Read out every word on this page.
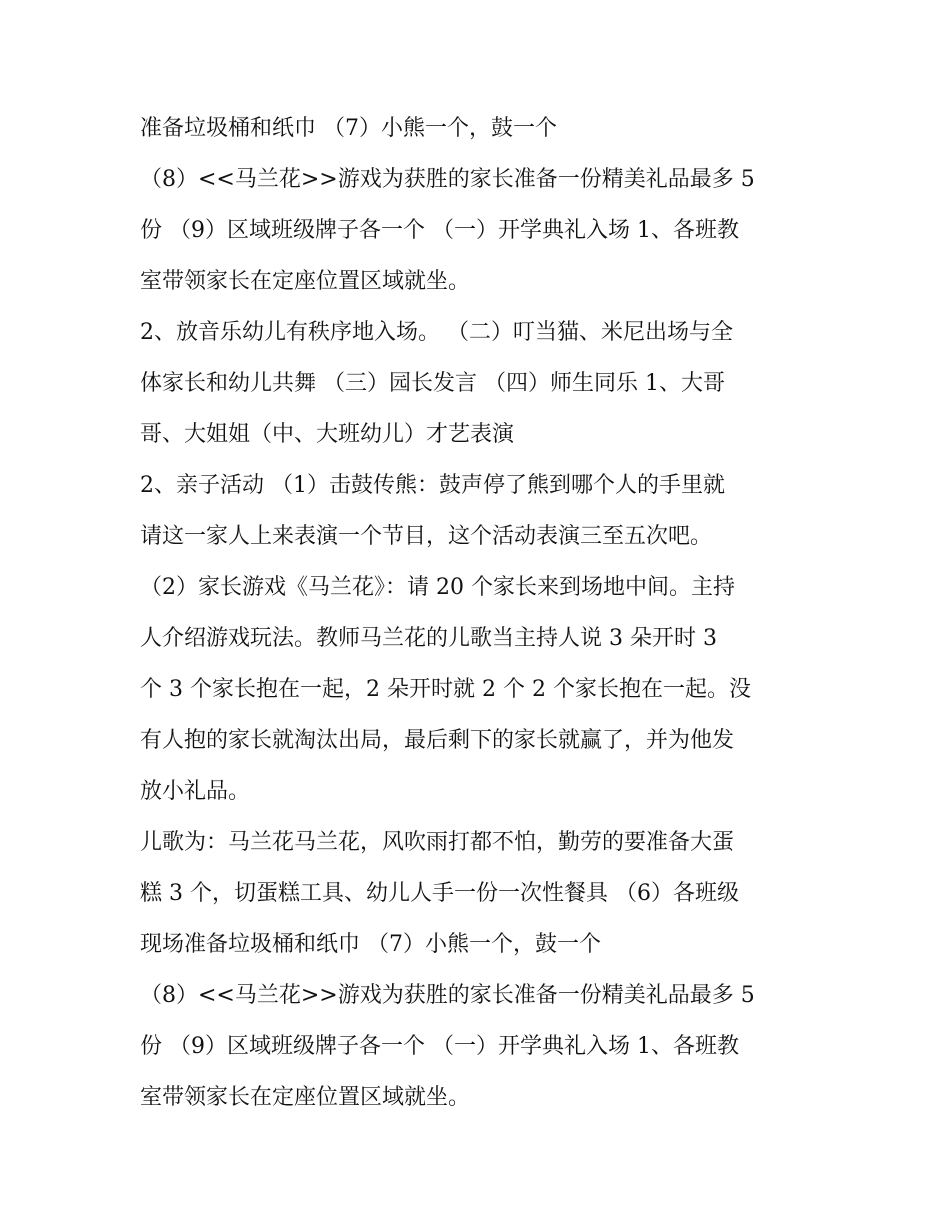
准备垃圾桶和纸巾 （7）小熊一个，鼓一个
（8）<<马兰花>>游戏为获胜的家长准备一份精美礼品最多 5
份 （9）区域班级牌子各一个 （一）开学典礼入场 1、各班教
室带领家长在定座位置区域就坐。
2、放音乐幼儿有秩序地入场。 （二）叮当猫、米尼出场与全
体家长和幼儿共舞 （三）园长发言 （四）师生同乐 1、大哥
哥、大姐姐（中、大班幼儿）才艺表演
2、亲子活动 （1）击鼓传熊：鼓声停了熊到哪个人的手里就
请这一家人上来表演一个节目，这个活动表演三至五次吧。
（2）家长游戏《马兰花》：请 20 个家长来到场地中间。主持
人介绍游戏玩法。教师马兰花的儿歌当主持人说 3 朵开时 3
个 3 个家长抱在一起，2 朵开时就 2 个 2 个家长抱在一起。没
有人抱的家长就淘汰出局，最后剩下的家长就赢了，并为他发
放小礼品。
儿歌为：马兰花马兰花，风吹雨打都不怕，勤劳的要准备大蛋
糕 3 个，切蛋糕工具、幼儿人手一份一次性餐具 （6）各班级
现场准备垃圾桶和纸巾 （7）小熊一个，鼓一个
（8）<<马兰花>>游戏为获胜的家长准备一份精美礼品最多 5
份 （9）区域班级牌子各一个 （一）开学典礼入场 1、各班教
室带领家长在定座位置区域就坐。
